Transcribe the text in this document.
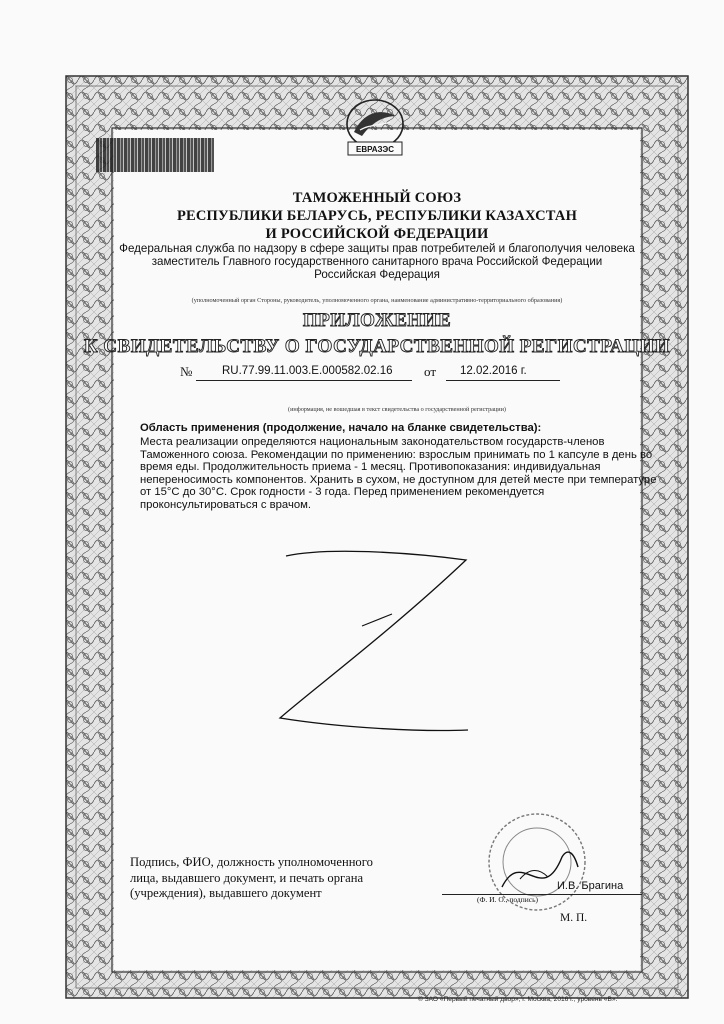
ЕВРАЗЭС
ТАМОЖЕННЫЙ СОЮЗ
РЕСПУБЛИКИ БЕЛАРУСЬ, РЕСПУБЛИКИ КАЗАХСТАН
И РОССИЙСКОЙ ФЕДЕРАЦИИ
Федеральная служба по надзору в сфере защиты прав потребителей и благополучия человека
заместитель Главного государственного санитарного врача Российской Федерации
Российская Федерация
(уполномоченный орган Стороны, руководитель, уполномоченного органа, наименование административно-территориального образования)
ПРИЛОЖЕНИЕ
К СВИДЕТЕЛЬСТВУ О ГОСУДАРСТВЕННОЙ РЕГИСТРАЦИИ
№	RU.77.99.11.003.E.000582.02.16 от 12.02.2016 г.
(информация, не вошедшая в текст свидетельства о государственной регистрации)
Область применения (продолжение, начало на бланке свидетельства):
Места реализации определяются национальным законодательством государств-членов
Таможенного союза. Рекомендации по применению: взрослым принимать по 1 капсуле в день во
время еды. Продолжительность приема - 1 месяц. Противопоказания: индивидуальная
непереносимость компонентов. Хранить в сухом, не доступном для детей месте при температуре
от 15°С до 30°С. Срок годности - 3 года. Перед применением рекомендуется
проконсультироваться с врачом.
Подпись, ФИО, должность уполномоченного
лица, выдавшего документ, и печать органа
(учреждения), выдавшего документ	И.В. Брагина
(Ф. И. О., подпись)
М. П.
© ЗАО «Первый печатный двор», г. Москва, 2016 г., уровень «В».
